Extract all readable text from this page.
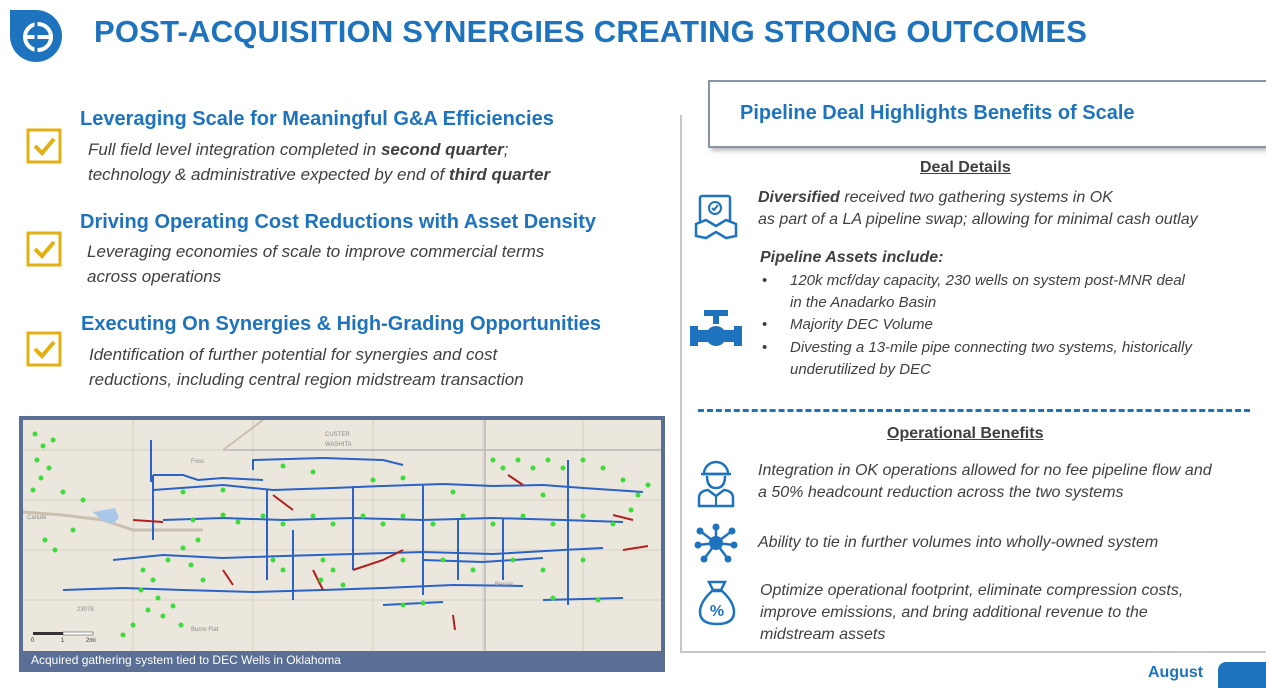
POST-ACQUISITION SYNERGIES CREATING STRONG OUTCOMES
Leveraging Scale for Meaningful G&A Efficiencies
Full field level integration completed in second quarter;
technology & administrative expected by end of third quarter
Driving Operating Cost Reductions with Asset Density
Leveraging economies of scale to improve commercial terms
across operations
Executing On Synergies & High-Grading Opportunities
Identification of further potential for synergies and cost
reductions, including central region midstream transaction
CUSTER
WASHITA
Foss
Canute
Bessie
Burns Flat
23078
0	1	2mi
Acquired gathering system tied to DEC Wells in Oklahoma
Pipeline Deal Highlights Benefits of Scale
Deal Details
Diversified received two gathering systems in OK
as part of a LA pipeline swap; allowing for minimal cash outlay
Pipeline Assets include:
• 120k mcf/day capacity, 230 wells on system post-MNR deal
in the Anadarko Basin
• Majority DEC Volume
• Divesting a 13-mile pipe connecting two systems, historically
underutilized by DEC
Operational Benefits
Integration in OK operations allowed for no fee pipeline flow and
a 50% headcount reduction across the two systems
Ability to tie in further volumes into wholly-owned system
%
Optimize operational footprint, eliminate compression costs,
improve emissions, and bring additional revenue to the
midstream assets
August
